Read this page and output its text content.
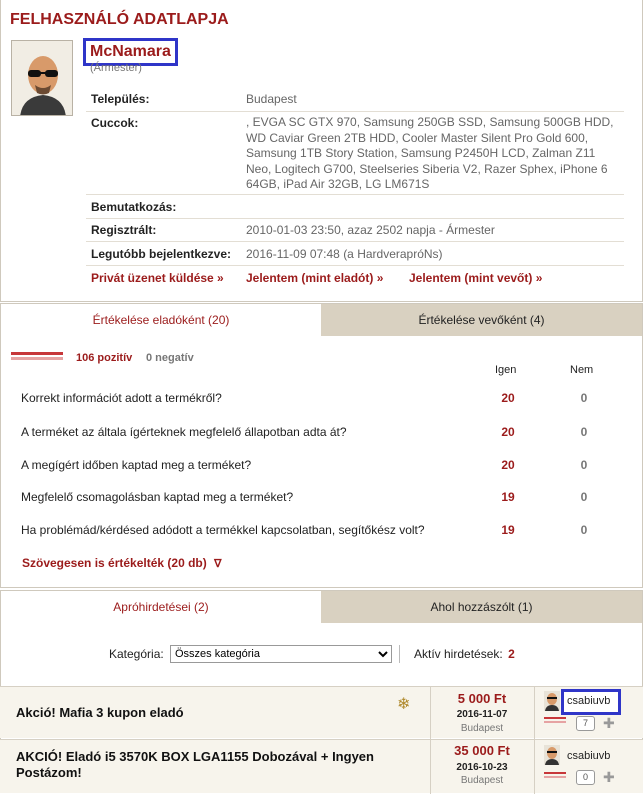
FELHASZNÁLÓ ADATLAPJA
McNamara
(Ármester)
Település:	Budapest
Cuccok:	, EVGA SC GTX 970, Samsung 250GB SSD, Samsung 500GB HDD, WD Caviar Green 2TB HDD, Cooler Master Silent Pro Gold 600, Samsung 1TB Story Station, Samsung P2450H LCD, Zalman Z11 Neo, Logitech G700, Steelseries Siberia V2, Razer Sphex, iPhone 6 64GB, iPad Air 32GB, LG LM671S
Bemutatkozás:
Regisztrált:	2010-01-03 23:50, azaz 2502 napja - Ármester
Legutóbb bejelentkezve: 2016-11-09 07:48 (a HardverapróNs)
Privát üzenet küldése » Jelentem (mint eladót) » Jelentem (mint vevőt) »
Értékelése eladóként (20)	Értékelése vevőként (4)
106 pozitív 0 negatív
Igen	Nem
Korrekt információt adott a termékről?	20	0
A terméket az általa ígérteknek megfelelő állapotban adta át?	20	0
A megígért időben kaptad meg a terméket?	20	0
Megfelelő csomagolásban kaptad meg a terméket?	19	0
Ha problémád/kérdésed adódott a termékkel kapcsolatban, segítőkész volt?	19	0
Szövegesen is értékelték (20 db) ∇
Apróhirdetései (2)	Ahol hozzászólt (1)
Kategória:
Összes kategória	Aktív hirdetések: 2
Akció! Mafia 3 kupon eladó	❄	5 000 Ft
2016-11-07
Budapest
csabiuvb
7	✚
AKCIÓ! Eladó i5 3570K BOX LGA1155 Dobozával + Ingyen Postázom!
35 000 Ft
2016-10-23
Budapest
csabiuvb
0	✚
